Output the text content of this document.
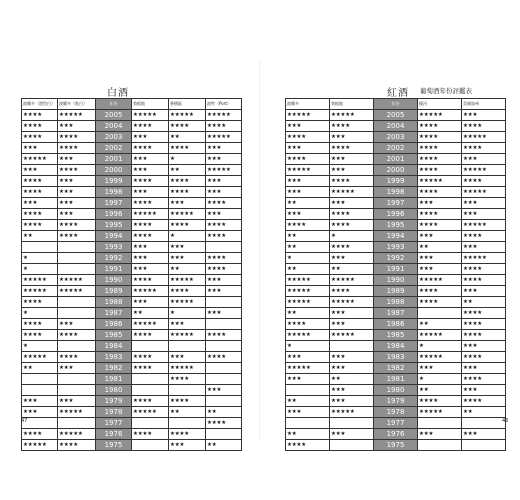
白酒
波爾多（甜型白）	波爾多（乾白）	年份	勃根地	香檳區	波特（Port）
★★★★	★★★★★	2005	★★★★★	★★★★★	★★★★★
★★★★	★★★	2004	★★★★	★★★★	★★★★
★★★★	★★★★	2003	★★★	★★	★★★★★
★★★	★★★★	2002	★★★★	★★★★	★★★
★★★★★	★★★	2001	★★★	★	★★★
★★★	★★★★	2000	★★★	★★	★★★★★
★★★★	★★★	1999	★★★★	★★★★	★★★
★★★★	★★★	1998	★★★	★★★★	★★★
★★★	★★★	1997	★★★★	★★★	★★★★
★★★★	★★★	1996	★★★★★	★★★★★	★★★
★★★★	★★★★	1995	★★★★	★★★★	★★★★
★★	★★★★	1994	★★★★	★	★★★★
		1993	★★★	★★★	
★		1992	★★★	★★★	★★★★
★		1991	★★★	★★	★★★★
★★★★★	★★★★★	1990	★★★★	★★★★★	★★★
★★★★★	★★★★★	1989	★★★★★	★★★★	★★★
★★★★		1988	★★★	★★★★★	
★		1987	★★	★	★★★
★★★★	★★★	1986	★★★★★	★★★	
★★★★	★★★★	1985	★★★★	★★★★★	★★★★
★		1984			
★★★★★	★★★★	1983	★★★★	★★★	★★★★
★★	★★★	1982	★★★★	★★★★★	
		1981		★★★★	
		1980			★★★
★★★	★★★	1979	★★★★	★★★★	
★★★	★★★★★	1978	★★★★★	★★	★★
		1977			★★★★
★★★★	★★★★★	1976	★★★★	★★★★	
★★★★★	★★★★	1975		★★★	★★
47
紅酒 葡萄酒年份評鑑表
波爾多	勃根地	年份	隆河	美國加州
★★★★★	★★★★★	2005	★★★★★	★★★
★★★	★★★★	2004	★★★★	★★★★
★★★★	★★★	2003	★★★★	★★★★★
★★★	★★★★	2002	★★★★	★★★★
★★★★	★★★	2001	★★★★	★★★
★★★★★	★★★	2000	★★★★	★★★★★
★★★	★★★★	1999	★★★★★	★★★★
★★★	★★★★★	1998	★★★★	★★★★★
★★	★★★	1997	★★★	★★★
★★★	★★★★	1996	★★★★	★★★
★★★★	★★★★	1995	★★★★	★★★★★
★★	★	1994	★★★	★★★★
★★	★★★★	1993	★★	★★★
★	★★★	1992	★★★	★★★★★
★★	★★	1991	★★★	★★★★
★★★★★	★★★★★	1990	★★★★★	★★★★
★★★★★	★★★★	1989	★★★★	★★★
★★★★★	★★★★★	1988	★★★★	★★
★★	★★★	1987		★★★★
★★★★	★★★	1986	★★	★★★★
★★★★★	★★★★★	1985	★★★★★	★★★★
★		1984	★	★★★
★★★	★★★	1983	★★★★★	★★★★
★★★★★	★★★	1982	★★★	★★★
★★★	★★	1981	★	★★★★
	★★★	1980	★★	★★★
★★	★★★	1979	★★★★	★★★★
★★★	★★★★★	1978	★★★★★	★★
		1977		
★★	★★★	1976	★★★	★★★
★★★★		1975		
46
